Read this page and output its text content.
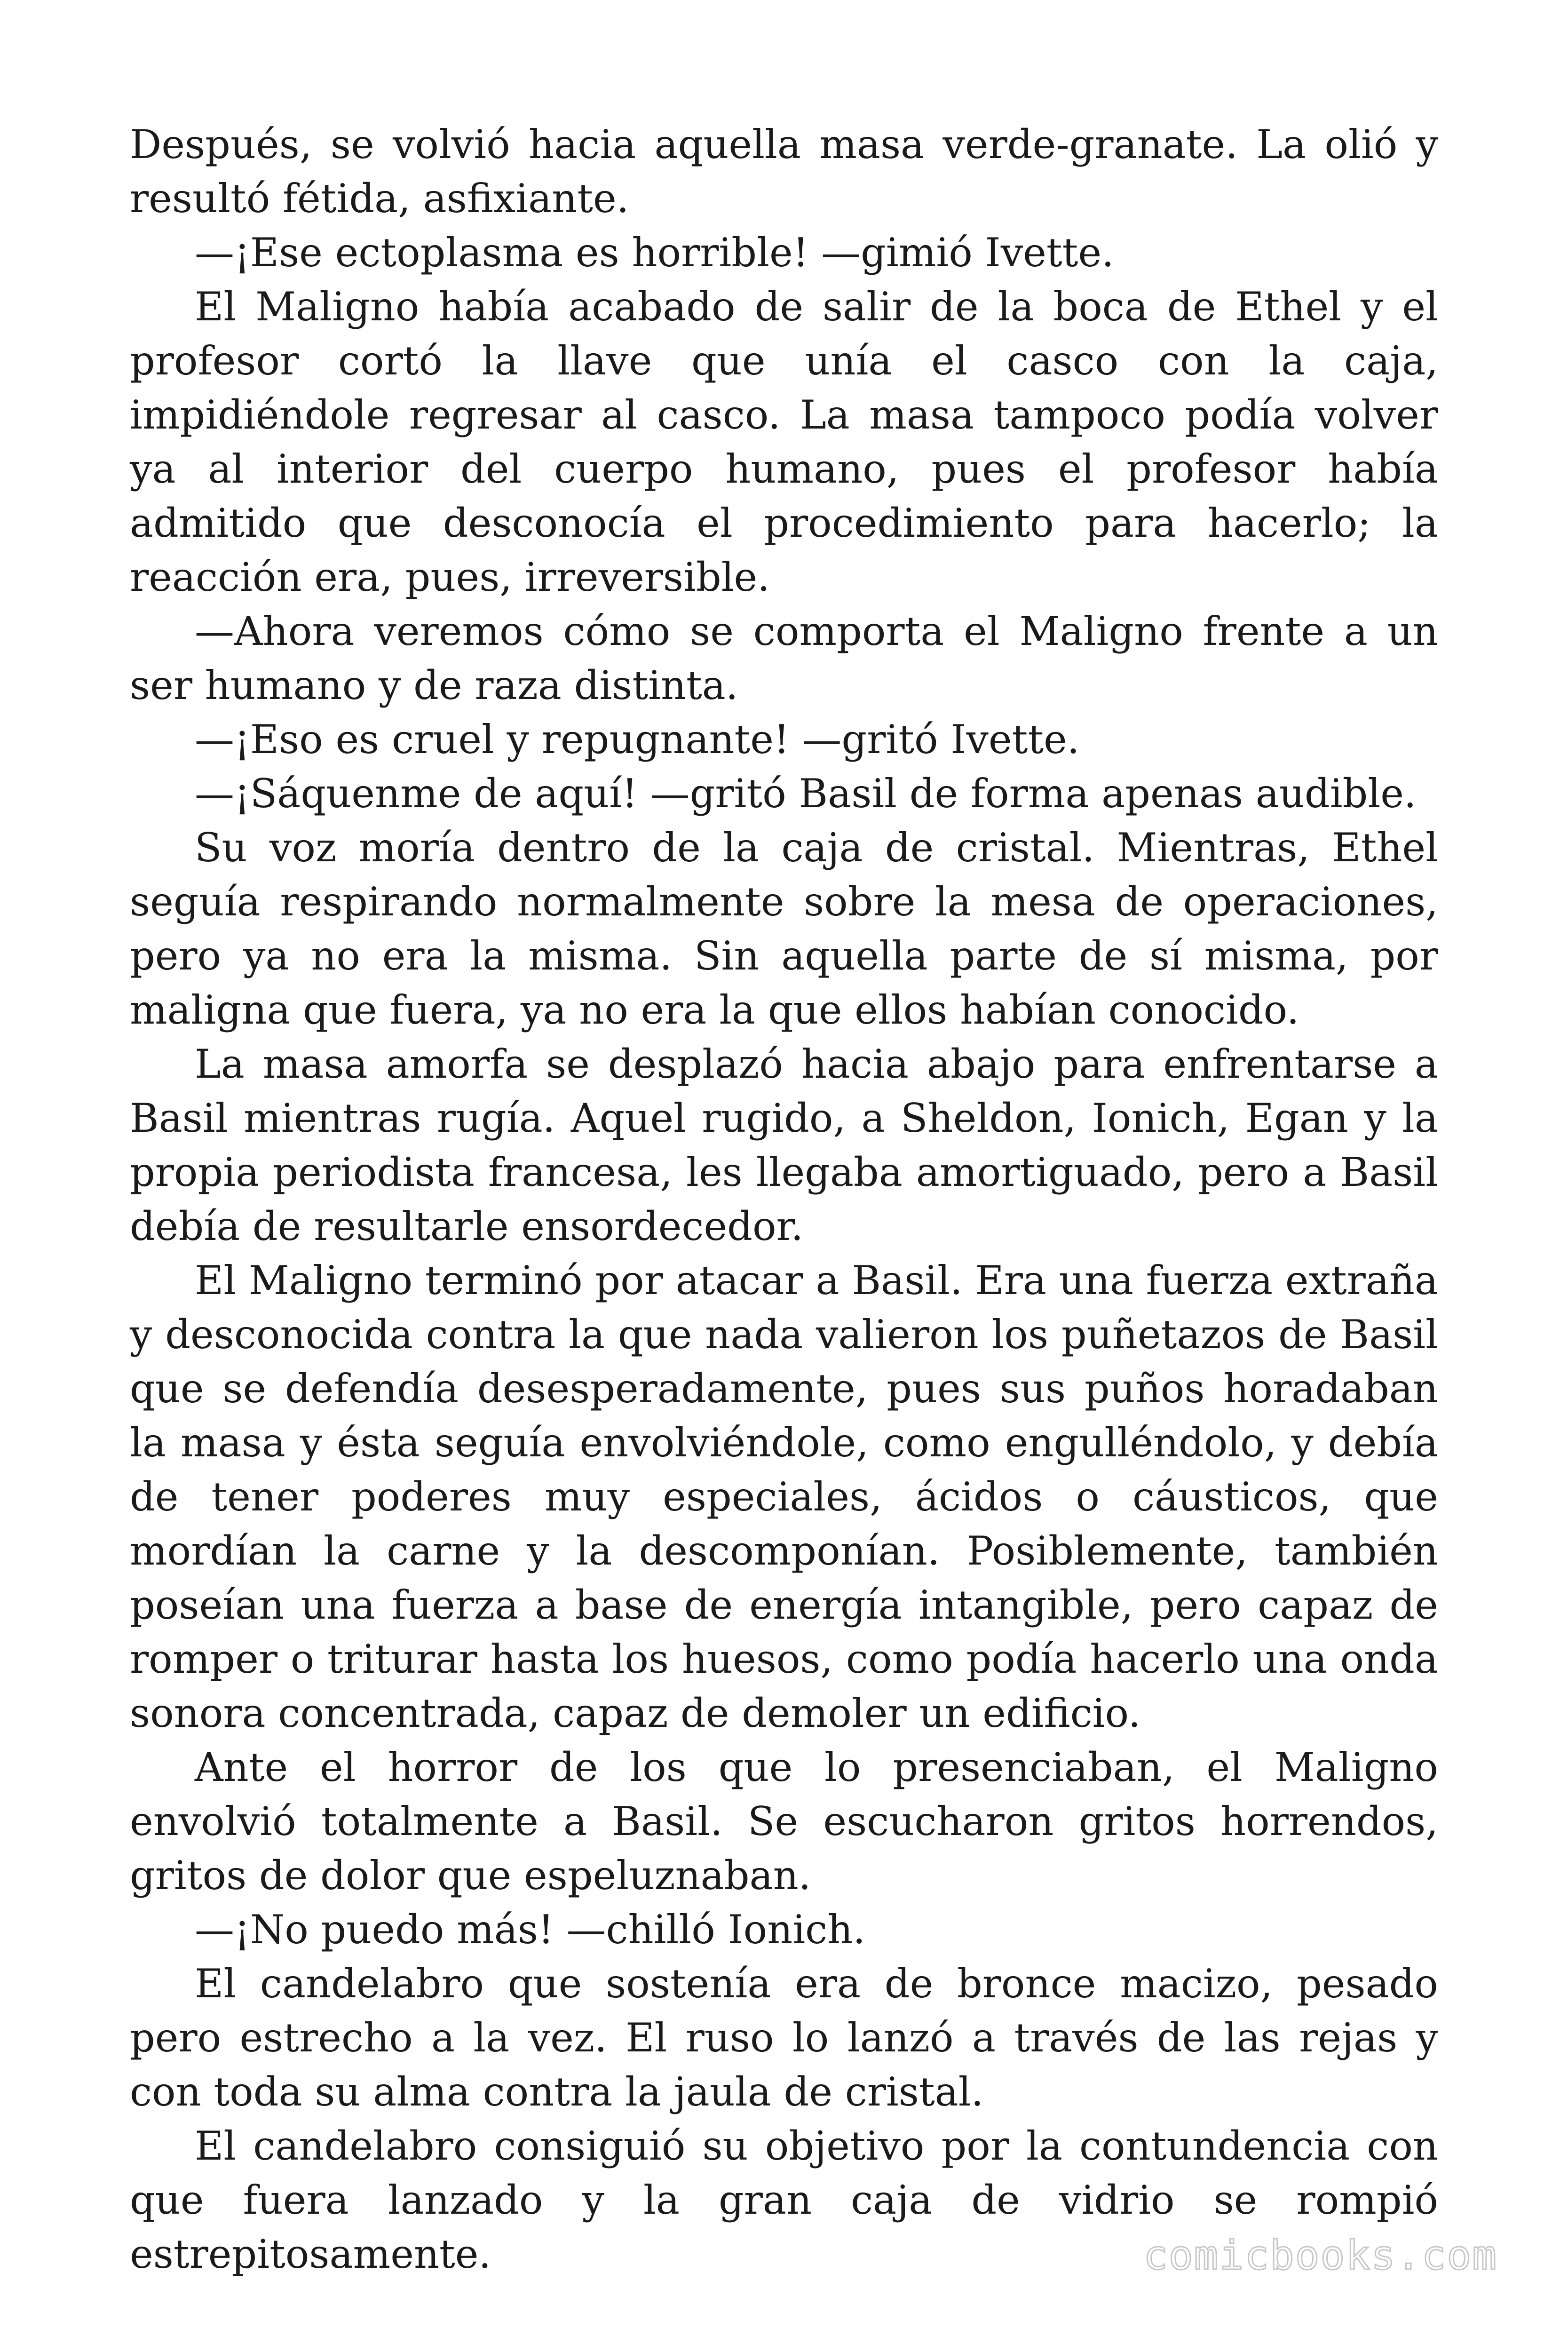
Después, se volvió hacia aquella masa verde-granate. La olió y resultó fétida, asfixiante.

—¡Ese ectoplasma es horrible! —gimió Ivette.

El Maligno había acabado de salir de la boca de Ethel y el profesor cortó la llave que unía el casco con la caja, impidiéndole regresar al casco. La masa tampoco podía volver ya al interior del cuerpo humano, pues el profesor había admitido que desconocía el procedimiento para hacerlo; la reacción era, pues, irreversible.

—Ahora veremos cómo se comporta el Maligno frente a un ser humano y de raza distinta.

—¡Eso es cruel y repugnante! —gritó Ivette.

—¡Sáquenme de aquí! —gritó Basil de forma apenas audible.

Su voz moría dentro de la caja de cristal. Mientras, Ethel seguía respirando normalmente sobre la mesa de operaciones, pero ya no era la misma. Sin aquella parte de sí misma, por maligna que fuera, ya no era la que ellos habían conocido.

La masa amorfa se desplazó hacia abajo para enfrentarse a Basil mientras rugía. Aquel rugido, a Sheldon, Ionich, Egan y la propia periodista francesa, les llegaba amortiguado, pero a Basil debía de resultarle ensordecedor.

El Maligno terminó por atacar a Basil. Era una fuerza extraña y desconocida contra la que nada valieron los puñetazos de Basil que se defendía desesperadamente, pues sus puños horadaban la masa y ésta seguía envolviéndole, como engulléndolo, y debía de tener poderes muy especiales, ácidos o cáusticos, que mordían la carne y la descomponían. Posiblemente, también poseían una fuerza a base de energía intangible, pero capaz de romper o triturar hasta los huesos, como podía hacerlo una onda sonora concentrada, capaz de demoler un edificio.

Ante el horror de los que lo presenciaban, el Maligno envolvió totalmente a Basil. Se escucharon gritos horrendos, gritos de dolor que espeluznaban.

—¡No puedo más! —chilló Ionich.

El candelabro que sostenía era de bronce macizo, pesado pero estrecho a la vez. El ruso lo lanzó a través de las rejas y con toda su alma contra la jaula de cristal.

El candelabro consiguió su objetivo por la contundencia con que fuera lanzado y la gran caja de vidrio se rompió estrepitosamente.	comicbooks.com
